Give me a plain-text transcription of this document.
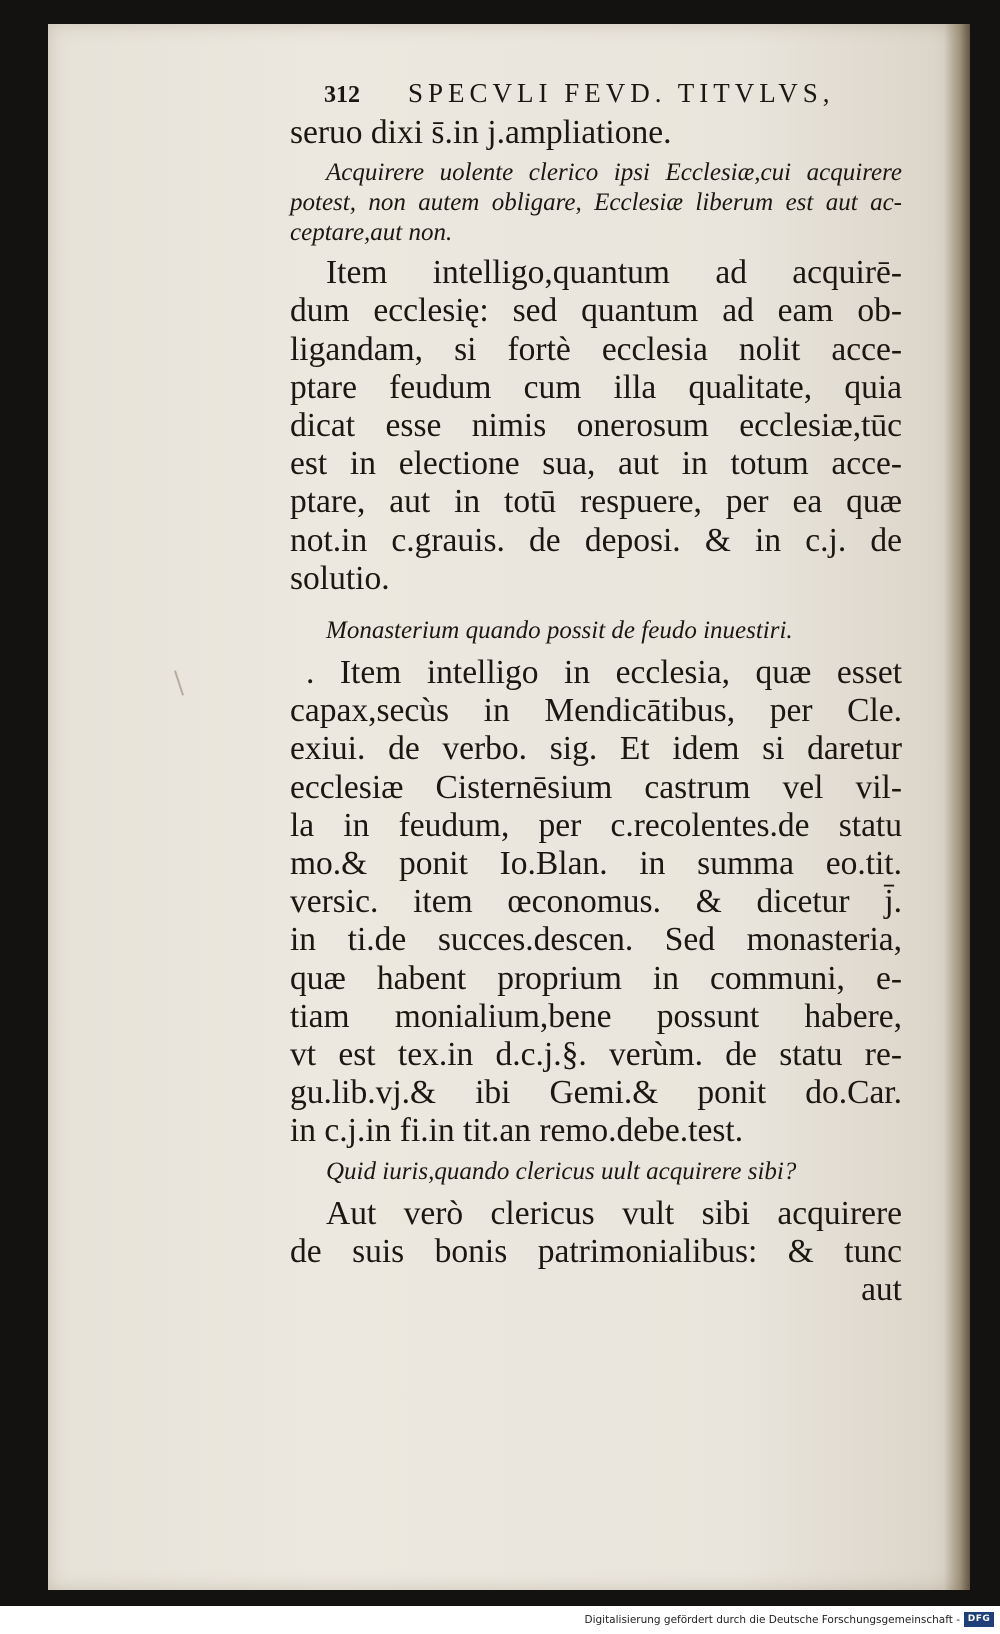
312 SPECVLI FEVD. TITVLVS,

seruo dixi s̄.in j.ampliatione.

Acquirere uolente clerico ipsi Ecclesiæ,cui acquirere

potest, non autem obligare, Ecclesiæ liberum est aut ac-

ceptare,aut non.

Item intelligo,quantum ad acquirē-

dum ecclesię: sed quantum ad eam ob-

ligandam, si fortè ecclesia nolit acce-

ptare feudum cum illa qualitate, quia

dicat esse nimis onerosum ecclesiæ,tūc

est in electione sua, aut in totum acce-

ptare, aut in totū respuere, per ea quæ

not.in c.grauis. de deposi. & in c.j. de

solutio.

Monasterium quando possit de feudo inuestiri.

. Item intelligo in ecclesia, quæ esset

capax,secùs in Mendicātibus, per Cle.

exiui. de verbo. sig. Et idem si daretur

ecclesiæ Cisternēsium castrum vel vil-

la in feudum, per c.recolentes.de statu

mo.& ponit Io.Blan. in summa eo.tit.

versic. item œconomus. & dicetur j̄.

in ti.de succes.descen. Sed monasteria,

quæ habent proprium in communi, e-

tiam monialium,bene possunt habere,

vt est tex.in d.c.j.§. verùm. de statu re-

gu.lib.vj.& ibi Gemi.& ponit do.Car.

in c.j.in fi.in tit.an remo.debe.test.

Quid iuris,quando clericus uult acquirere sibi?

Aut verò clericus vult sibi acquirere

de suis bonis patrimonialibus: & tunc

aut

Digitalisierung gefördert durch die Deutsche Forschungsgemeinschaft - DFG
